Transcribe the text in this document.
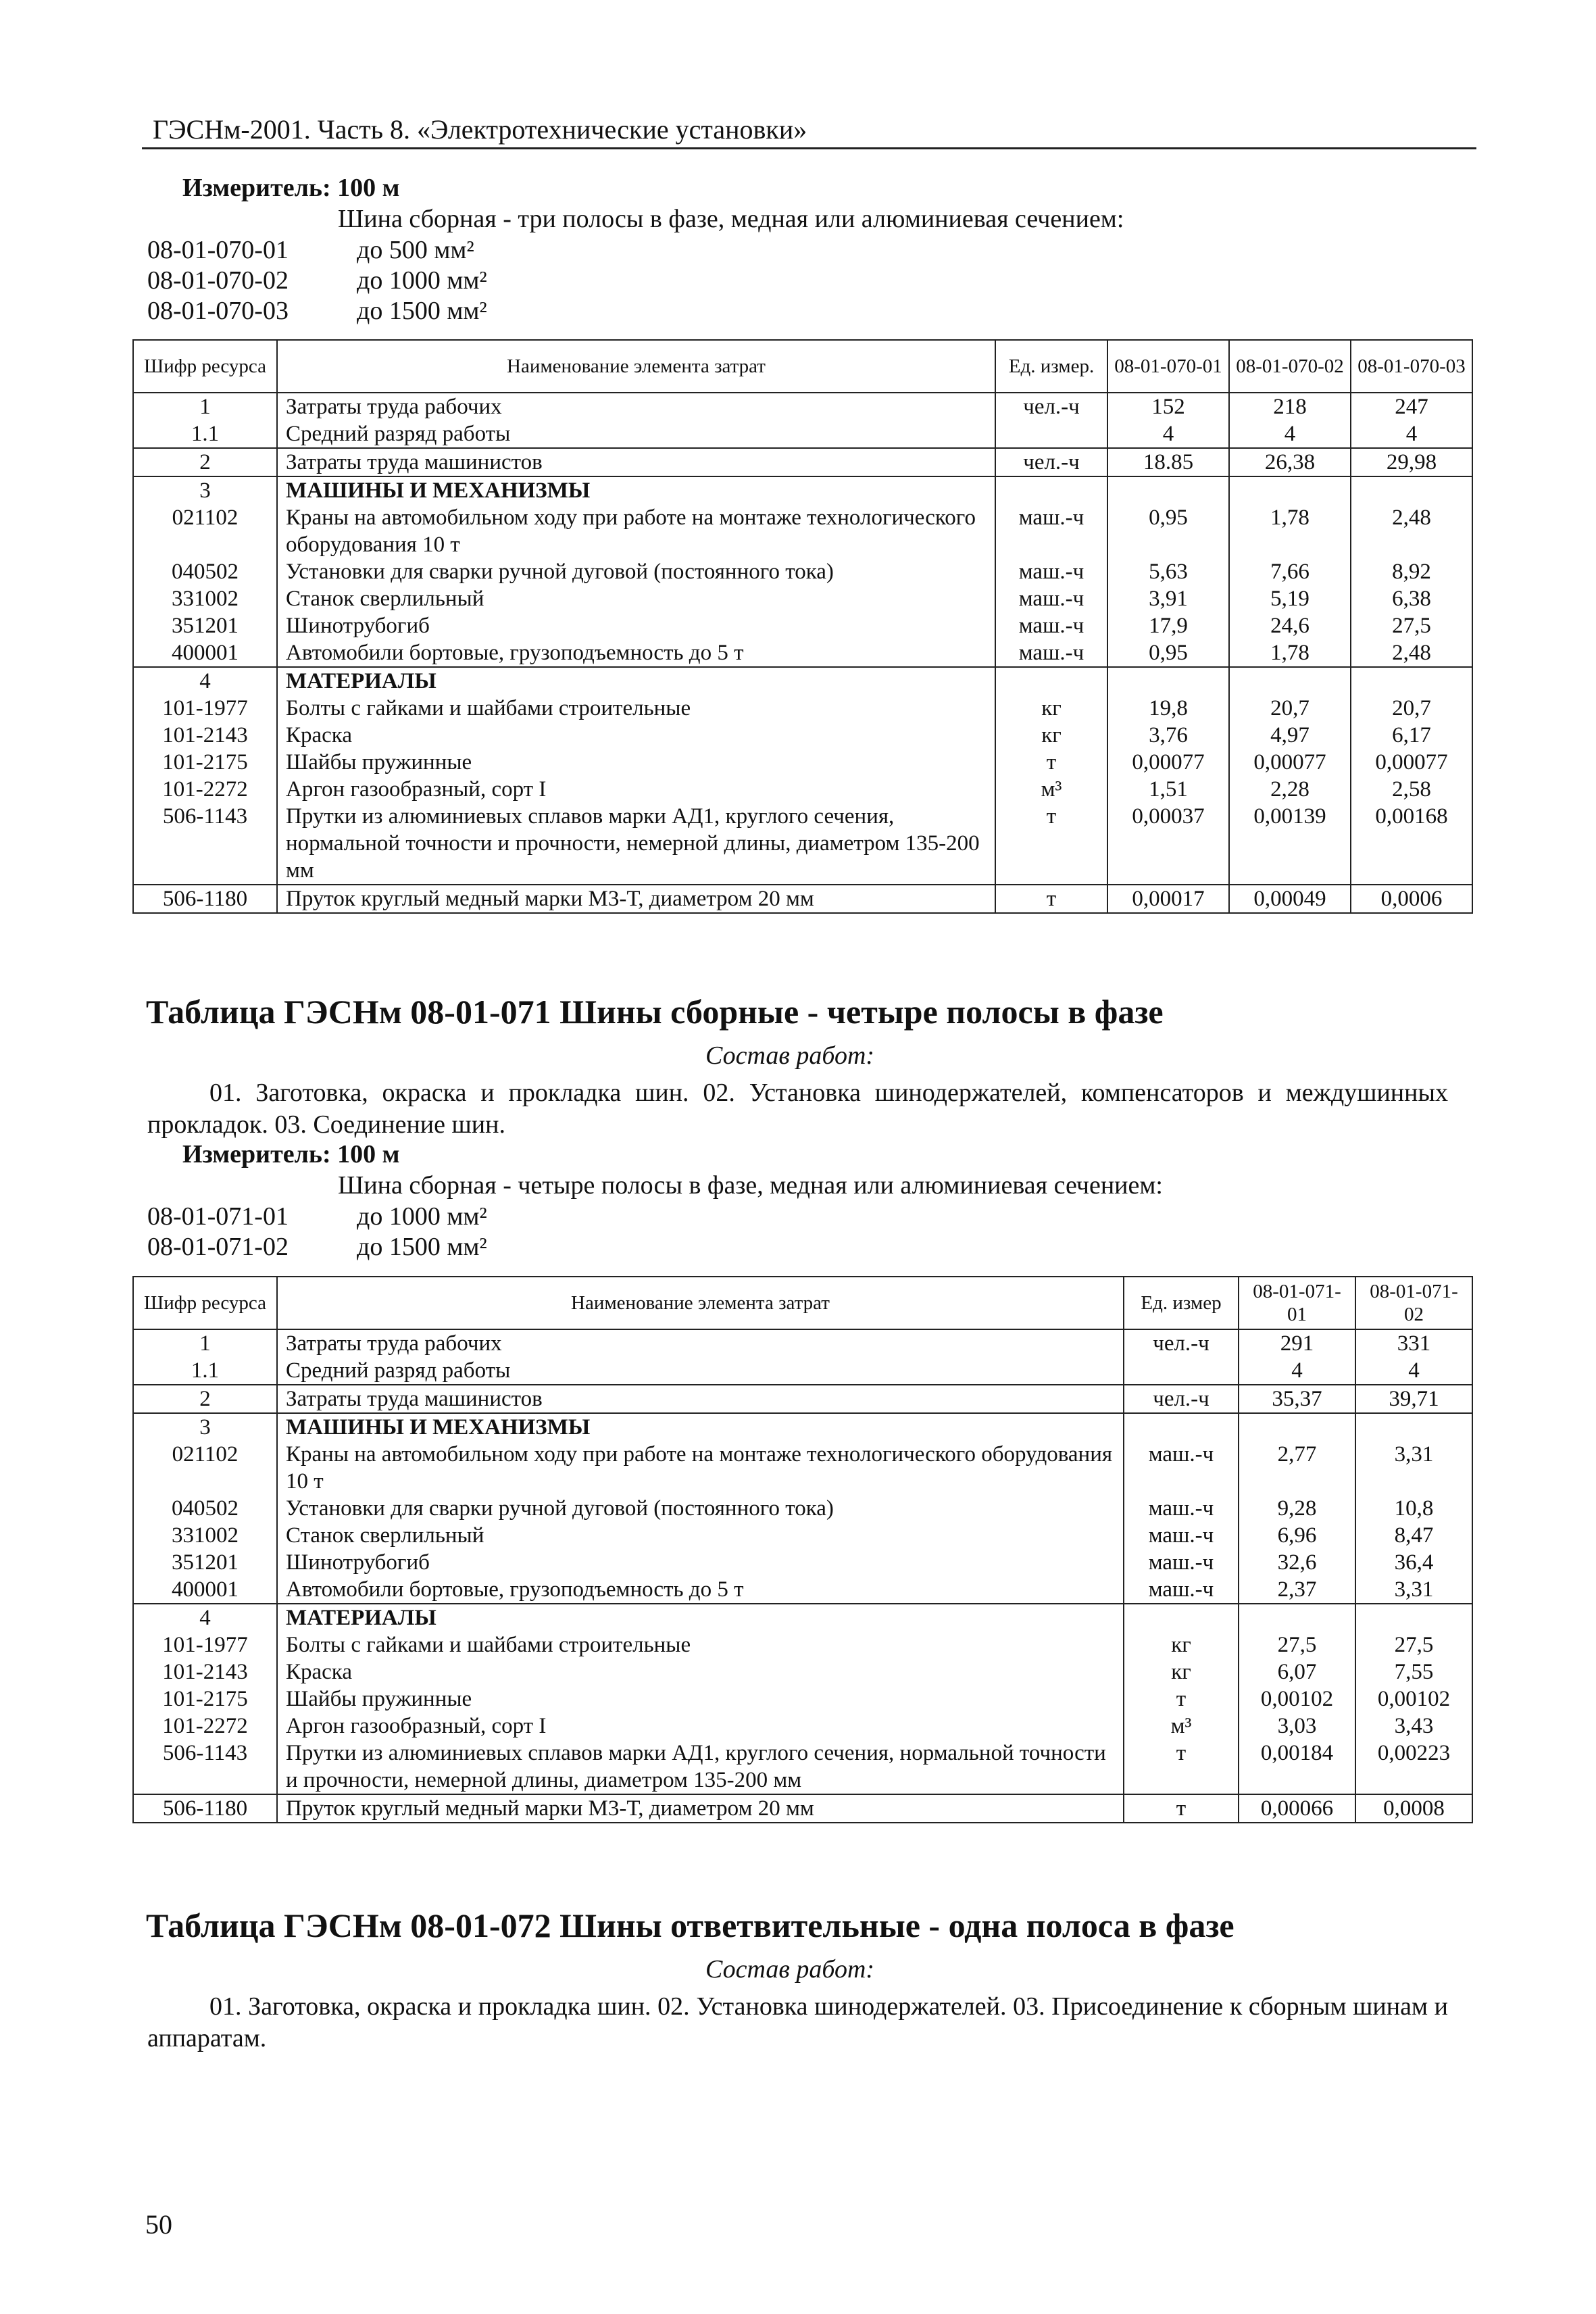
ГЭСНм-2001. Часть 8. «Электротехнические установки»
Измеритель: 100 м
Шина сборная - три полосы в фазе, медная или алюминиевая сечением:
08-01-070-01	до 500 мм²
08-01-070-02	до 1000 мм²
08-01-070-03	до 1500 мм²
Шифр ресурса	Наименование элемента затрат	Ед. измер.	08-01-070-01	08-01-070-02	08-01-070-03
1	Затраты труда рабочих	чел.-ч	152	218	247
1.1	Средний разряд работы		4	4	4
2	Затраты труда машинистов	чел.-ч	18.85	26,38	29,98
3	МАШИНЫ И МЕХАНИЗМЫ				
021102	Краны на автомобильном ходу при работе на монтаже технологического оборудования 10 т	маш.-ч	0,95	1,78	2,48
040502	Установки для сварки ручной дуговой (постоянного тока)	маш.-ч	5,63	7,66	8,92
331002	Станок сверлильный	маш.-ч	3,91	5,19	6,38
351201	Шинотрубогиб	маш.-ч	17,9	24,6	27,5
400001	Автомобили бортовые, грузоподъемность до 5 т	маш.-ч	0,95	1,78	2,48
4	МАТЕРИАЛЫ				
101-1977	Болты с гайками и шайбами строительные	кг	19,8	20,7	20,7
101-2143	Краска	кг	3,76	4,97	6,17
101-2175	Шайбы пружинные	т	0,00077	0,00077	0,00077
101-2272	Аргон газообразный, сорт I	м³	1,51	2,28	2,58
506-1143	Прутки из алюминиевых сплавов марки АД1, круглого сечения, нормальной точности и прочности, немерной длины, диаметром 135-200 мм	т	0,00037	0,00139	0,00168
506-1180	Пруток круглый медный марки М3-Т, диаметром 20 мм	т	0,00017	0,00049	0,0006
Таблица ГЭСНм 08-01-071 Шины сборные - четыре полосы в фазе
Состав работ:
01. Заготовка, окраска и прокладка шин. 02. Установка шинодержателей, компенсаторов и междушинных прокладок. 03. Соединение шин.
Измеритель: 100 м
Шина сборная - четыре полосы в фазе, медная или алюминиевая сечением:
08-01-071-01	до 1000 мм²
08-01-071-02	до 1500 мм²
Шифр ресурса	Наименование элемента затрат	Ед. измер	08-01-071-01	08-01-071-02
1	Затраты труда рабочих	чел.-ч	291	331
1.1	Средний разряд работы		4	4
2	Затраты труда машинистов	чел.-ч	35,37	39,71
3	МАШИНЫ И МЕХАНИЗМЫ			
021102	Краны на автомобильном ходу при работе на монтаже технологического оборудования 10 т	маш.-ч	2,77	3,31
040502	Установки для сварки ручной дуговой (постоянного тока)	маш.-ч	9,28	10,8
331002	Станок сверлильный	маш.-ч	6,96	8,47
351201	Шинотрубогиб	маш.-ч	32,6	36,4
400001	Автомобили бортовые, грузоподъемность до 5 т	маш.-ч	2,37	3,31
4	МАТЕРИАЛЫ			
101-1977	Болты с гайками и шайбами строительные	кг	27,5	27,5
101-2143	Краска	кг	6,07	7,55
101-2175	Шайбы пружинные	т	0,00102	0,00102
101-2272	Аргон газообразный, сорт I	м³	3,03	3,43
506-1143	Прутки из алюминиевых сплавов марки АД1, круглого сечения, нормальной точности и прочности, немерной длины, диаметром 135-200 мм	т	0,00184	0,00223
506-1180	Пруток круглый медный марки М3-Т, диаметром 20 мм	т	0,00066	0,0008
Таблица ГЭСНм 08-01-072 Шины ответвительные - одна полоса в фазе
Состав работ:
01. Заготовка, окраска и прокладка шин. 02. Установка шинодержателей. 03. Присоединение к сборным шинам и аппаратам.
50
